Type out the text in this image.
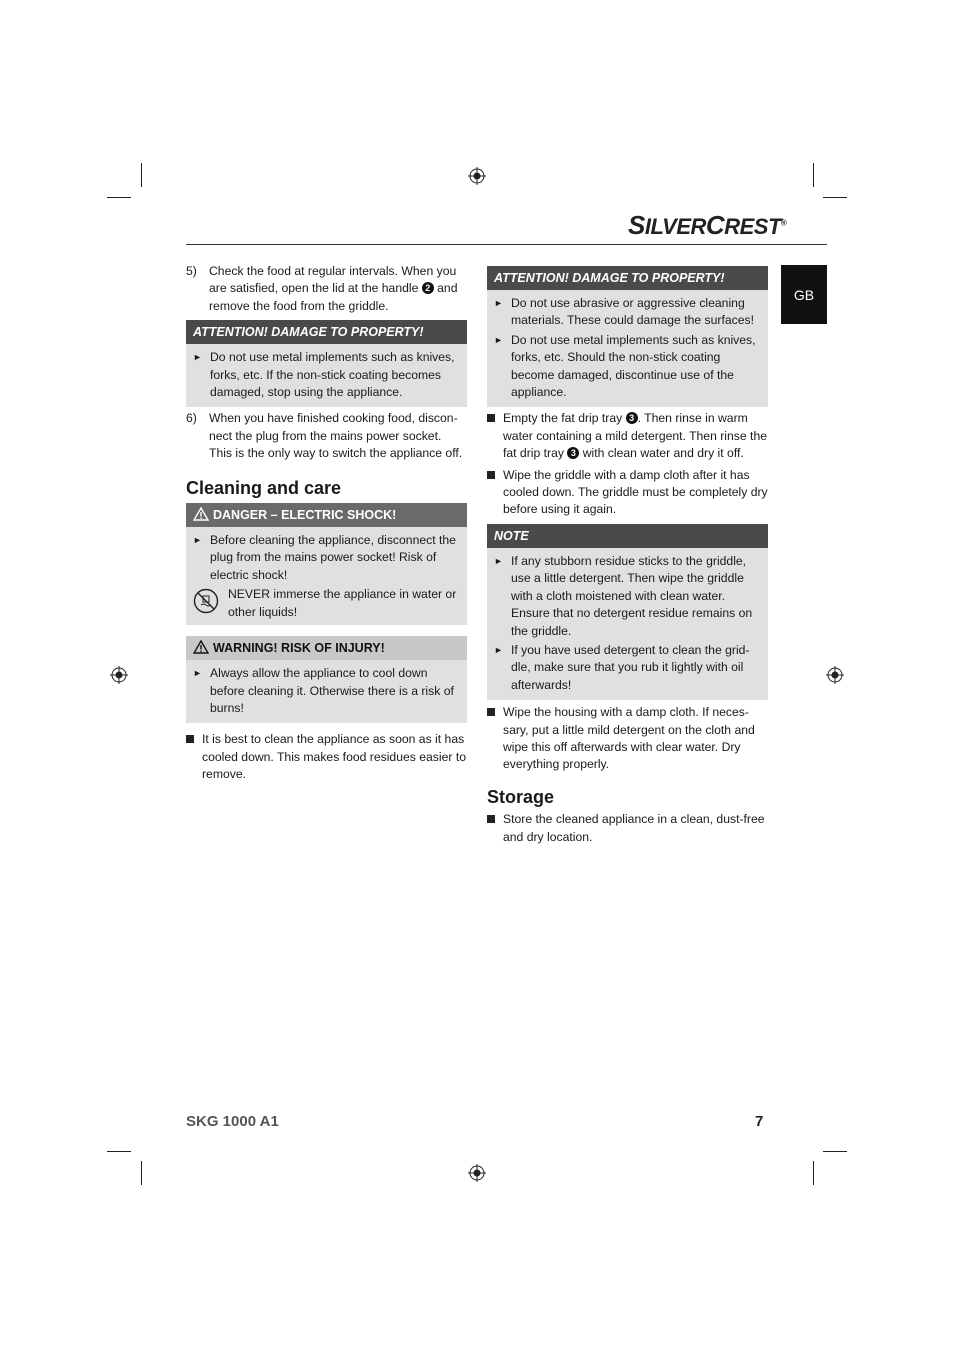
SILVERCREST®
GB

5) Check the food at regular intervals. When you are satisfied, open the lid at the handle 2 and remove the food from the griddle.

ATTENTION! DAMAGE TO PROPERTY!

► Do not use metal implements such as knives, forks, etc. If the non-stick coating becomes damaged, stop using the appliance.

6) When you have finished cooking food, discon-nect the plug from the mains power socket. This is the only way to switch the appliance off.

Cleaning and care

DANGER – ELECTRIC SHOCK!

► Before cleaning the appliance, disconnect the plug from the mains power socket! Risk of electric shock!

NEVER immerse the appliance in water or other liquids!

WARNING! RISK OF INJURY!

► Always allow the appliance to cool down before cleaning it. Otherwise there is a risk of burns!

It is best to clean the appliance as soon as it has cooled down. This makes food residues easier to remove.

ATTENTION! DAMAGE TO PROPERTY!

► Do not use abrasive or aggressive cleaning materials. These could damage the surfaces!

► Do not use metal implements such as knives, forks, etc. Should the non-stick coating become damaged, discontinue use of the appliance.

Empty the fat drip tray 3 . Then rinse in warm water containing a mild detergent. Then rinse the fat drip tray 3 with clean water and dry it off.

Wipe the griddle with a damp cloth after it has cooled down. The griddle must be completely dry before using it again.

NOTE

► If any stubborn residue sticks to the griddle, use a little detergent. Then wipe the griddle with a cloth moistened with clean water. Ensure that no detergent residue remains on the griddle.

► If you have used detergent to clean the grid-dle, make sure that you rub it lightly with oil afterwards!

Wipe the housing with a damp cloth. If neces-sary, put a little mild detergent on the cloth and wipe this off afterwards with clear water. Dry everything properly.

Storage

Store the cleaned appliance in a clean, dust-free and dry location.

SKG 1000 A1	7
